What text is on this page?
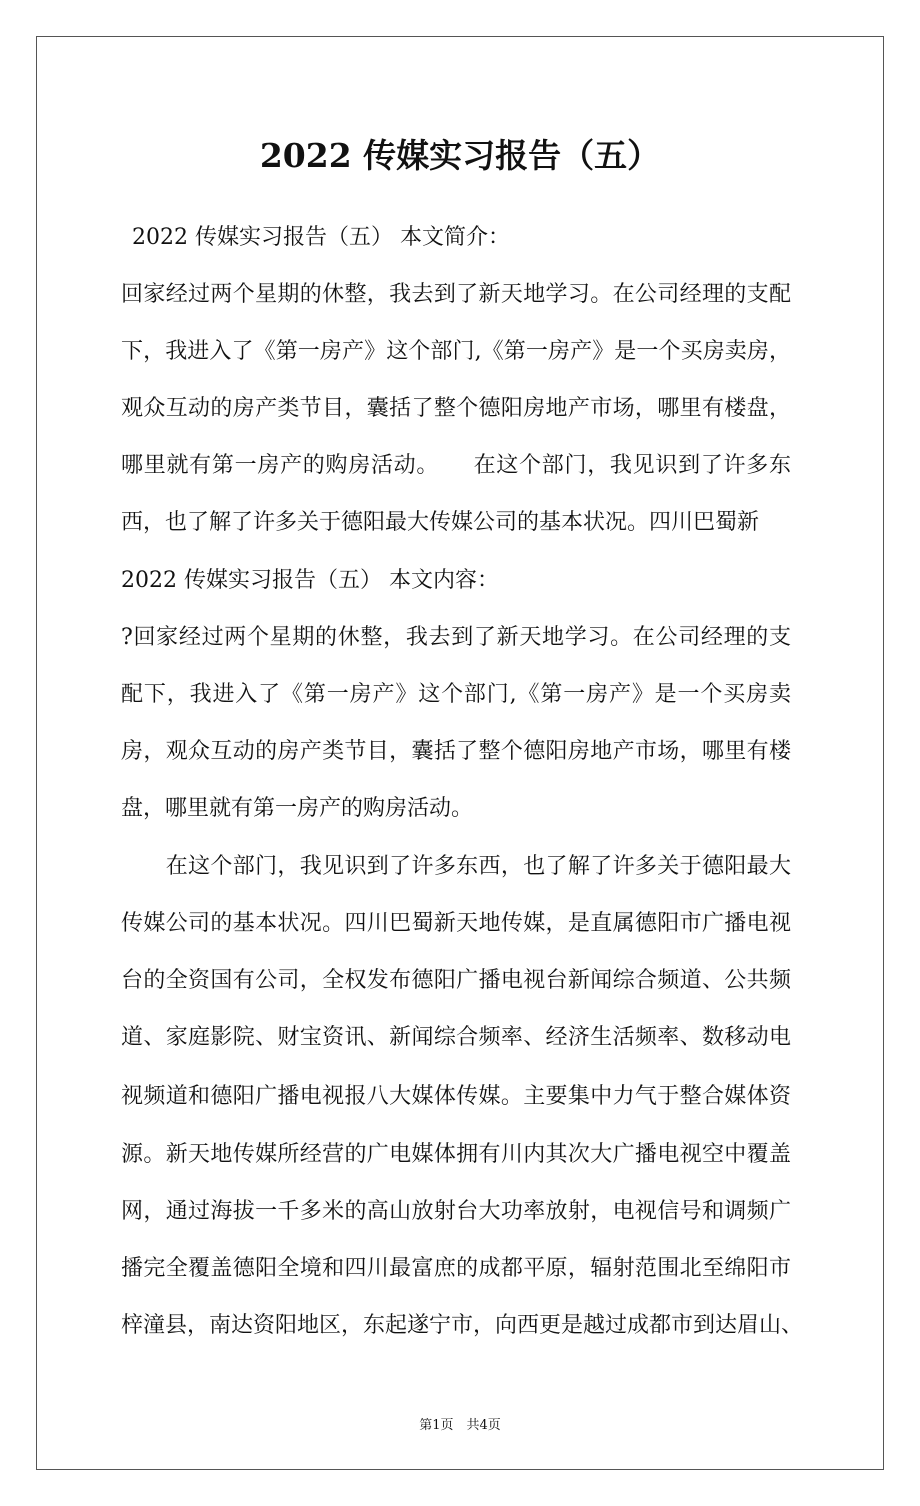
2022 传媒实习报告（五）
2022 传媒实习报告（五） 本文简介：
回家经过两个星期的休整，我去到了新天地学习。在公司经理的支配
下，我进入了《第一房产》这个部门,《第一房产》是一个买房卖房，
观众互动的房产类节目，囊括了整个德阳房地产市场，哪里有楼盘，
哪里就有第一房产的购房活动。　　在这个部门，我见识到了许多东
西，也了解了许多关于德阳最大传媒公司的基本状况。四川巴蜀新
2022 传媒实习报告（五） 本文内容：
?回家经过两个星期的休整，我去到了新天地学习。在公司经理的支
配下，我进入了《第一房产》这个部门,《第一房产》是一个买房卖
房，观众互动的房产类节目，囊括了整个德阳房地产市场，哪里有楼
盘，哪里就有第一房产的购房活动。
　　在这个部门，我见识到了许多东西，也了解了许多关于德阳最大
传媒公司的基本状况。四川巴蜀新天地传媒，是直属德阳市广播电视
台的全资国有公司，全权发布德阳广播电视台新闻综合频道、公共频
道、家庭影院、财宝资讯、新闻综合频率、经济生活频率、数移动电
视频道和德阳广播电视报八大媒体传媒。主要集中力气于整合媒体资
源。新天地传媒所经营的广电媒体拥有川内其次大广播电视空中覆盖
网，通过海拔一千多米的高山放射台大功率放射，电视信号和调频广
播完全覆盖德阳全境和四川最富庶的成都平原，辐射范围北至绵阳市
梓潼县，南达资阳地区，东起遂宁市，向西更是越过成都市到达眉山、
第1页　共4页
